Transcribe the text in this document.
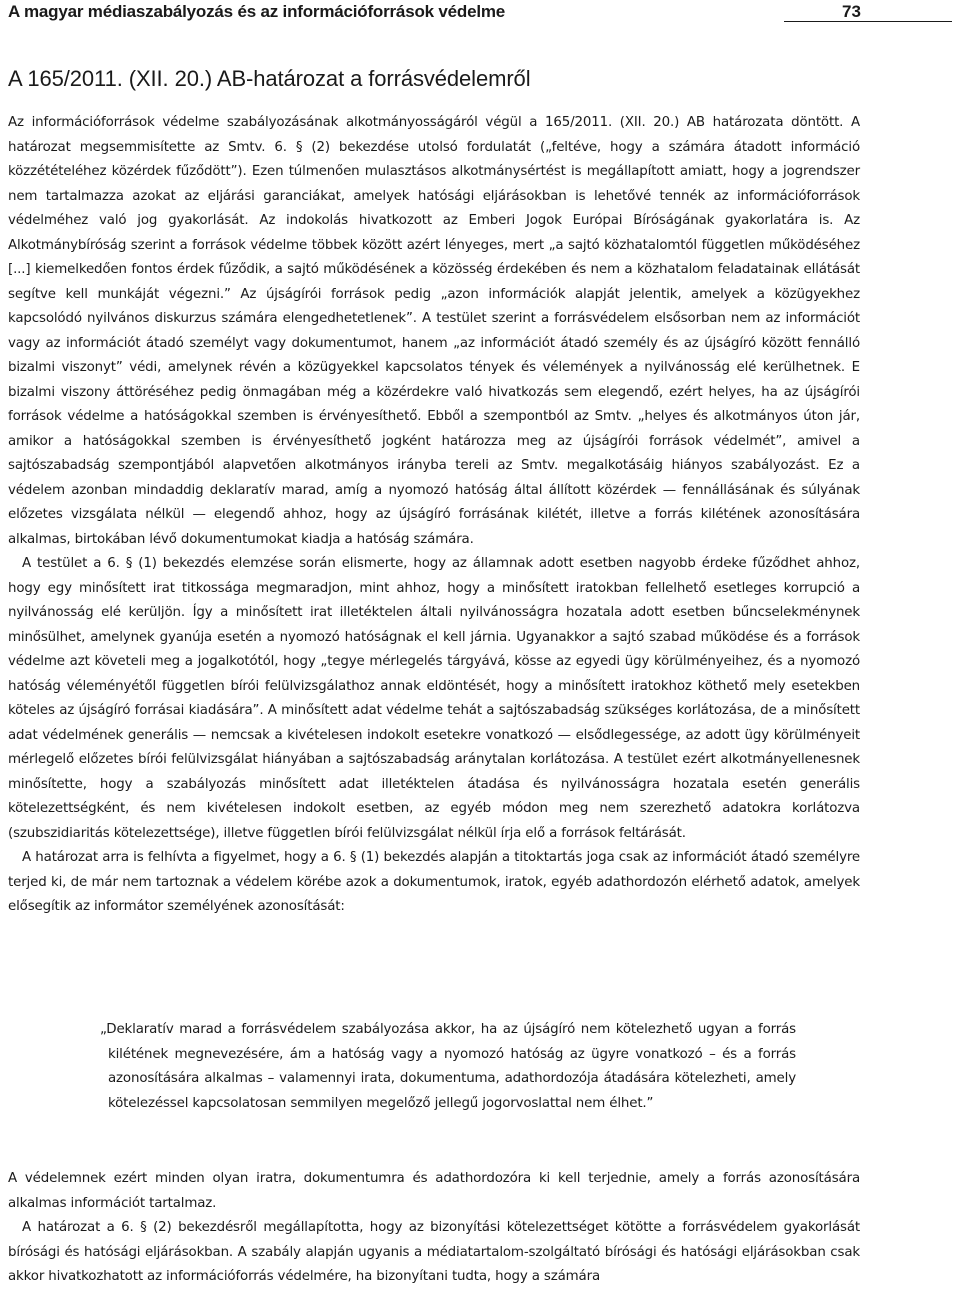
A magyar médiaszabályozás és az információforrások védelme	73
A 165/2011. (XII. 20.) AB-határozat a forrásvédelemről

Az információforrások védelme szabályozásának alkotmányosságáról végül a 165/2011. (XII. 20.) AB határozata döntött. A határozat megsemmisítette az Smtv. 6. § (2) bekezdése utolsó fordulatát („feltéve, hogy a számára átadott információ közzétételéhez közérdek fűződött”). Ezen túlmenően mulasztásos alkotmánysértést is megállapított amiatt, hogy a jogrendszer nem tartalmazza azokat az eljárási garanciákat, amelyek hatósági eljárásokban is lehetővé tennék az információforrások védelméhez való jog gyakorlását. Az indokolás hivatkozott az Emberi Jogok Európai Bíróságának gyakorlatára is. Az Alkotmánybíróság szerint a források védelme többek között azért lényeges, mert „a sajtó közhatalomtól független működéséhez [...] kiemelkedően fontos érdek fűződik, a sajtó működésének a közösség érdekében és nem a közhatalom feladatainak ellátását segítve kell munkáját végezni.” Az újságírói források pedig „azon információk alapját jelentik, amelyek a közügyekhez kapcsolódó nyilvános diskurzus számára elengedhetetlenek”. A testület szerint a forrásvédelem elsősorban nem az információt vagy az információt átadó személyt vagy dokumentumot, hanem „az információt átadó személy és az újságíró között fennálló bizalmi viszonyt” védi, amelynek révén a közügyekkel kapcsolatos tények és vélemények a nyilvánosság elé kerülhetnek. E bizalmi viszony áttöréséhez pedig önmagában még a közérdekre való hivatkozás sem elegendő, ezért helyes, ha az újságírói források védelme a hatóságokkal szemben is érvényesíthető. Ebből a szempontból az Smtv. „helyes és alkotmányos úton jár, amikor a hatóságokkal szemben is érvényesíthető jogként határozza meg az újságírói források védelmét”, amivel a sajtószabadság szempontjából alapvetően alkotmányos irányba tereli az Smtv. megalkotásáig hiányos szabályozást. Ez a védelem azonban mindaddig deklaratív marad, amíg a nyomozó hatóság által állított közérdek — fennállásának és súlyának előzetes vizsgálata nélkül — elegendő ahhoz, hogy az újságíró forrásának kilétét, illetve a forrás kilétének azonosítására alkalmas, birtokában lévő dokumentumokat kiadja a hatóság számára.

A testület a 6. § (1) bekezdés elemzése során elismerte, hogy az államnak adott esetben nagyobb érdeke fűződhet ahhoz, hogy egy minősített irat titkossága megmaradjon, mint ahhoz, hogy a minősített iratokban fellelhető esetleges korrupció a nyilvánosság elé kerüljön. Így a minősített irat illetéktelen általi nyilvánosságra hozatala adott esetben bűncselekménynek minősülhet, amelynek gyanúja esetén a nyomozó hatóságnak el kell járnia. Ugyanakkor a sajtó szabad működése és a források védelme azt követeli meg a jogalkotótól, hogy „tegye mérlegelés tárgyává, kösse az egyedi ügy körülményeihez, és a nyomozó hatóság véleményétől független bírói felülvizsgálathoz annak eldöntését, hogy a minősített iratokhoz köthető mely esetekben köteles az újságíró forrásai kiadására”. A minősített adat védelme tehát a sajtószabadság szükséges korlátozása, de a minősített adat védelmének generális — nemcsak a kivételesen indokolt esetekre vonatkozó — elsődlegessége, az adott ügy körülményeit mérlegelő előzetes bírói felülvizsgálat hiányában a sajtószabadság aránytalan korlátozása. A testület ezért alkotmányellenesnek minősítette, hogy a szabályozás minősített adat illetéktelen átadása és nyilvánosságra hozatala esetén generális kötelezettségként, és nem kivételesen indokolt esetben, az egyéb módon meg nem szerezhető adatokra korlátozva (szubszidiaritás kötelezettsége), illetve független bírói felülvizsgálat nélkül írja elő a források feltárását.

A határozat arra is felhívta a figyelmet, hogy a 6. § (1) bekezdés alapján a titoktartás joga csak az információt átadó személyre terjed ki, de már nem tartoznak a védelem körébe azok a dokumentumok, iratok, egyéb adathordozón elérhető adatok, amelyek elősegítik az informátor személyének azonosítását:

„Deklaratív marad a forrásvédelem szabályozása akkor, ha az újságíró nem kötelezhető ugyan a forrás kilétének megnevezésére, ám a hatóság vagy a nyomozó hatóság az ügyre vonatkozó – és a forrás azonosítására alkalmas – valamennyi irata, dokumentuma, adathordozója átadására kötelezheti, amely kötelezéssel kapcsolatosan semmilyen megelőző jellegű jogorvoslattal nem élhet.”

A védelemnek ezért minden olyan iratra, dokumentumra és adathordozóra ki kell terjednie, amely a forrás azonosítására alkalmas információt tartalmaz.

A határozat a 6. § (2) bekezdésről megállapította, hogy az bizonyítási kötelezettséget kötötte a forrásvédelem gyakorlását bírósági és hatósági eljárásokban. A szabály alapján ugyanis a médiatartalom-szolgáltató bírósági és hatósági eljárásokban csak akkor hivatkozhatott az információforrás védelmére, ha bizonyítani tudta, hogy a számára
